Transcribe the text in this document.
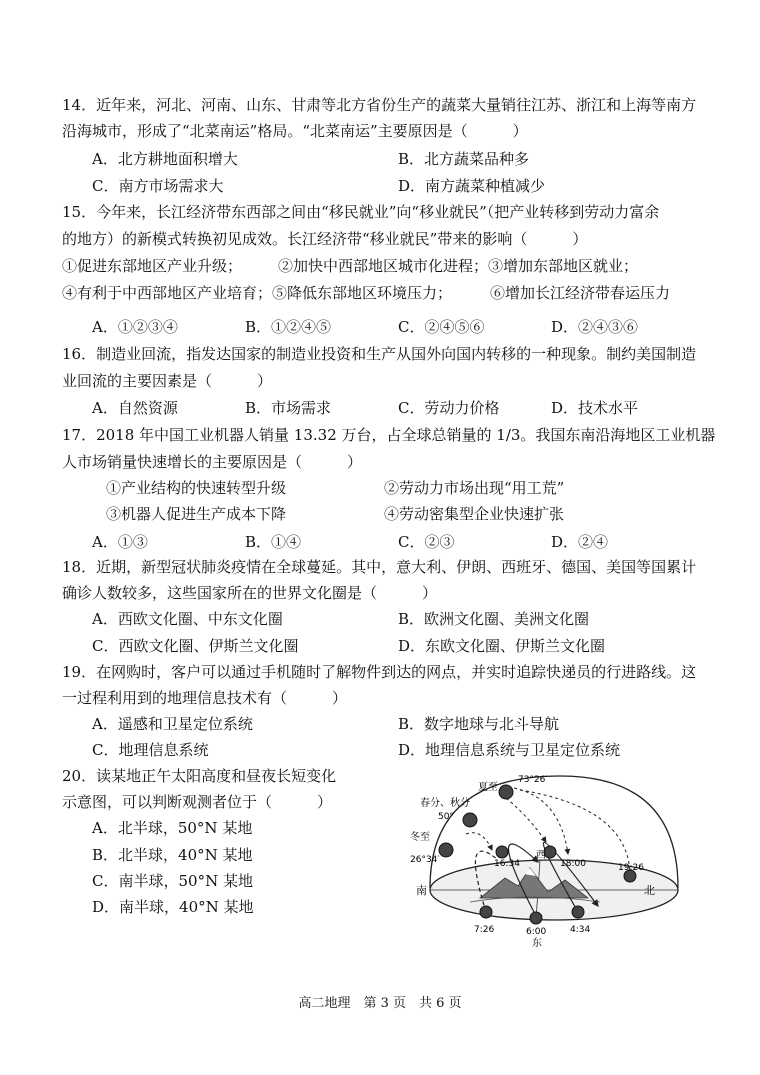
14．近年来，河北、河南、山东、甘肃等北方省份生产的蔬菜大量销往江苏、浙江和上海等南方
沿海城市，形成了“北菜南运”格局。“北菜南运”主要原因是（　　　）
A．北方耕地面积增大	B．北方蔬菜品种多
C．南方市场需求大	D．南方蔬菜种植减少
15．今年来，长江经济带东西部之间由“移民就业”向“移业就民”（把产业转移到劳动力富余
的地方）的新模式转换初见成效。长江经济带“移业就民”带来的影响（　　　）
①促进东部地区产业升级； ②加快中西部地区城市化进程；③增加东部地区就业；
④有利于中西部地区产业培育；⑤降低东部地区环境压力；	⑥增加长江经济带春运压力
A．①②③④	B．①②④⑤	C．②④⑤⑥	D．②④③⑥
16．制造业回流，指发达国家的制造业投资和生产从国外向国内转移的一种现象。制约美国制造
业回流的主要因素是（　　　）
A．自然资源	B．市场需求	C．劳动力价格	D．技术水平
17．2018 年中国工业机器人销量 13.32 万台，占全球总销量的 1/3。我国东南沿海地区工业机器
人市场销量快速增长的主要原因是（　　　）
①产业结构的快速转型升级	②劳动力市场出现“用工荒”
③机器人促进生产成本下降	④劳动密集型企业快速扩张
A．①③	B．①④	C．②③	D．②④
18．近期，新型冠状肺炎疫情在全球蔓延。其中，意大利、伊朗、西班牙、德国、美国等国累计
确诊人数较多，这些国家所在的世界文化圈是（　　　）
A．西欧文化圈、中东文化圈	B．欧洲文化圈、美洲文化圈
C．西欧文化圈、伊斯兰文化圈	D．东欧文化圈、伊斯兰文化圈
19．在网购时，客户可以通过手机随时了解物件到达的网点，并实时追踪快递员的行进路线。这
一过程利用到的地理信息技术有（　　　）
A．遥感和卫星定位系统	B．数字地球与北斗导航
C．地理信息系统	D．地理信息系统与卫星定位系统
20．读某地正午太阳高度和昼夜长短变化
示意图，可以判断观测者位于（　　　）
A．北半球，50°N 某地
B．北半球，40°N 某地
C．南半球，50°N 某地
D．南半球，40°N 某地
夏至
73°26′
春分、秋分
50°
冬至
26°34′	16:34
西
18:00	19:26
南	北
7:26	6:00	4:34
东
高二地理　第 3 页　共 6 页
